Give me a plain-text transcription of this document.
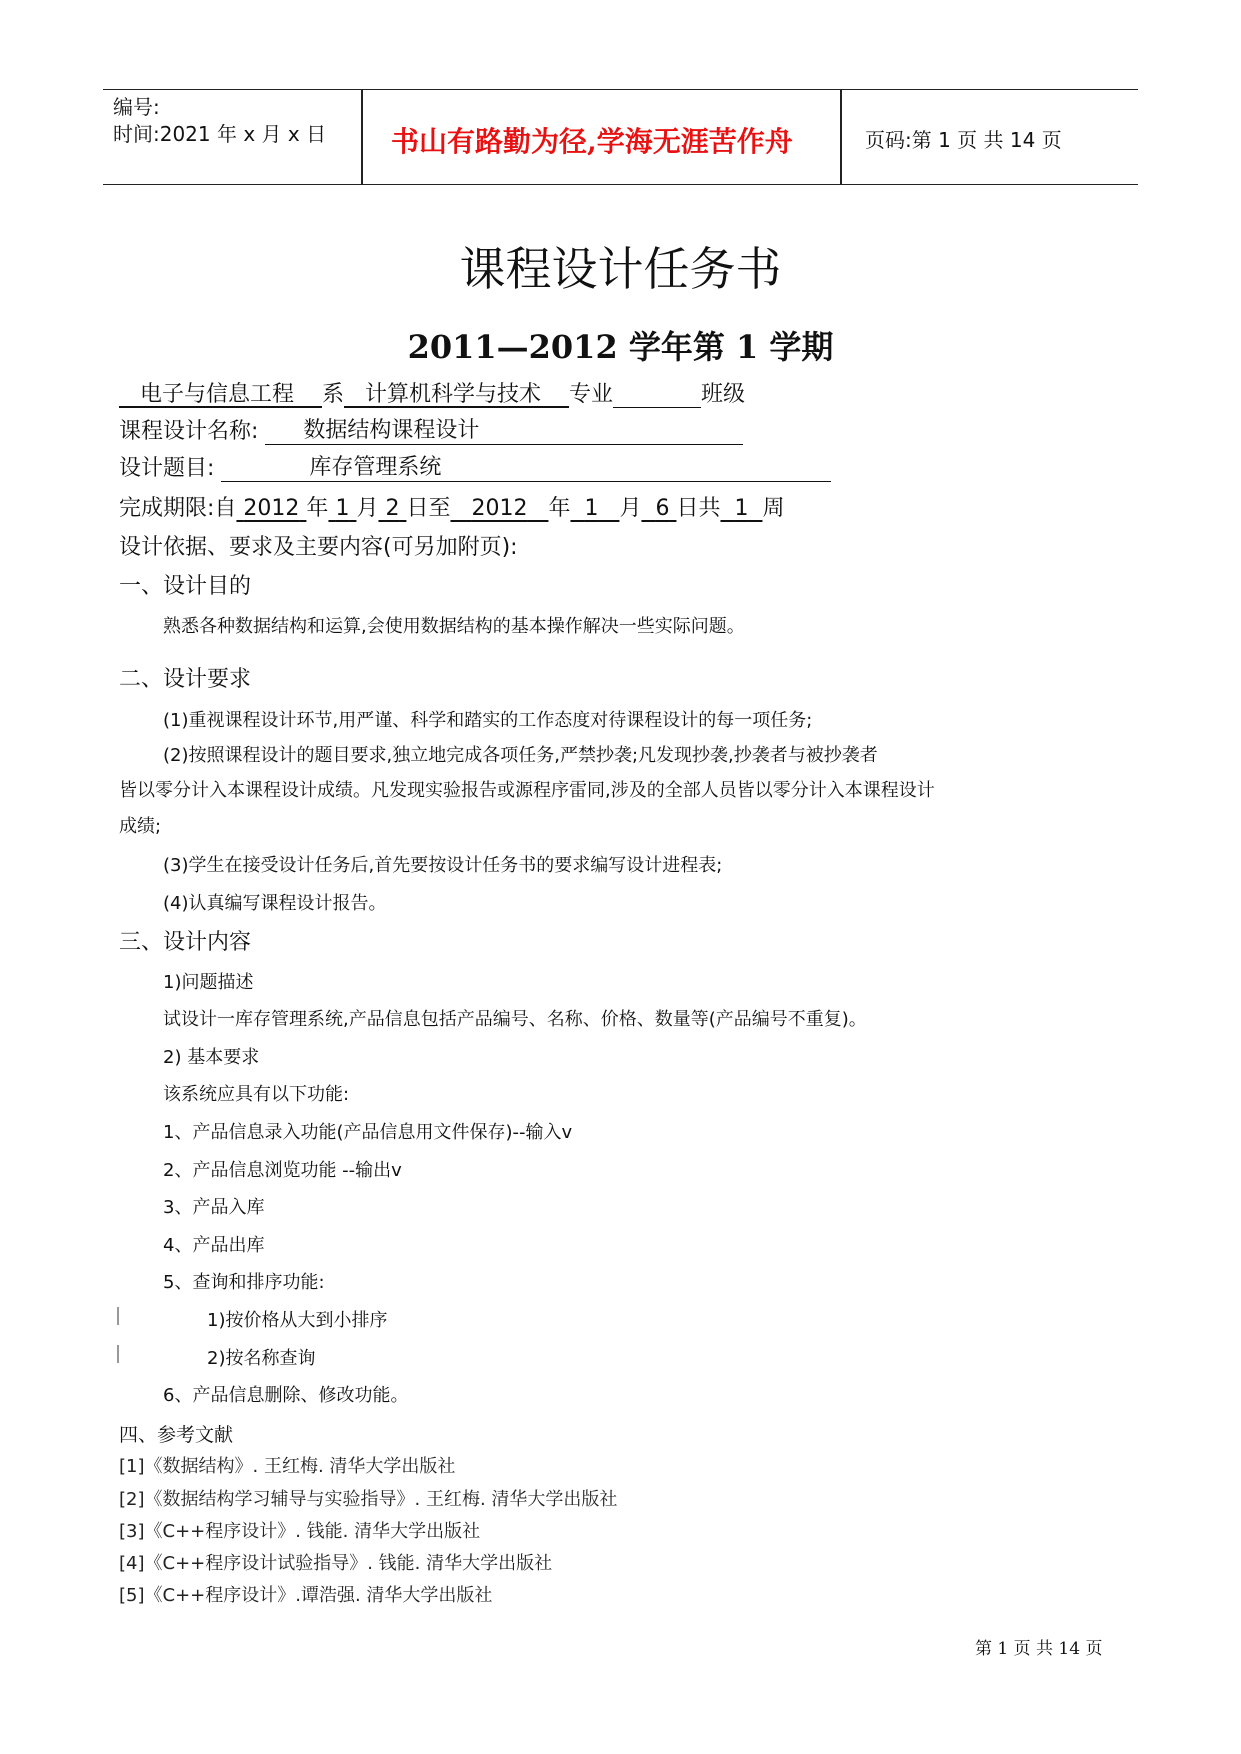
编号:
时间:2021 年 x 月 x 日 书山有路勤为径,学海无涯苦作舟	页码:第 1 页 共 14 页
课程设计任务书
2011—2012 学年第 1 学期
电子与信息工程 系 计算机科学与技术 专业	班级
课程设计名称: 数据结构课程设计
设计题目:	库存管理系统
完成期限:自 2012 年 1 月 2 日至 2012 年 1 月 6 日共 1 周
设计依据、要求及主要内容(可另加附页):
一、设计目的
熟悉各种数据结构和运算,会使用数据结构的基本操作解决一些实际问题。
二、设计要求
(1)重视课程设计环节,用严谨、科学和踏实的工作态度对待课程设计的每一项任务;
(2)按照课程设计的题目要求,独立地完成各项任务,严禁抄袭;凡发现抄袭,抄袭者与被抄袭者
皆以零分计入本课程设计成绩。凡发现实验报告或源程序雷同,涉及的全部人员皆以零分计入本课程设计
成绩;
(3)学生在接受设计任务后,首先要按设计任务书的要求编写设计进程表;
(4)认真编写课程设计报告。
三、设计内容
1)问题描述
试设计一库存管理系统,产品信息包括产品编号、名称、价格、数量等(产品编号不重复)。
2) 基本要求
该系统应具有以下功能:
1、产品信息录入功能(产品信息用文件保存)--输入v
2、产品信息浏览功能 --输出v
3、产品入库
4、产品出库
5、查询和排序功能:
1)按价格从大到小排序
2)按名称查询
6、产品信息删除、修改功能。
四、参考文献
[1]《数据结构》. 王红梅. 清华大学出版社
[2]《数据结构学习辅导与实验指导》. 王红梅. 清华大学出版社
[3]《C++程序设计》. 钱能. 清华大学出版社
[4]《C++程序设计试验指导》. 钱能. 清华大学出版社
[5]《C++程序设计》.谭浩强. 清华大学出版社
第 1 页 共 14 页
